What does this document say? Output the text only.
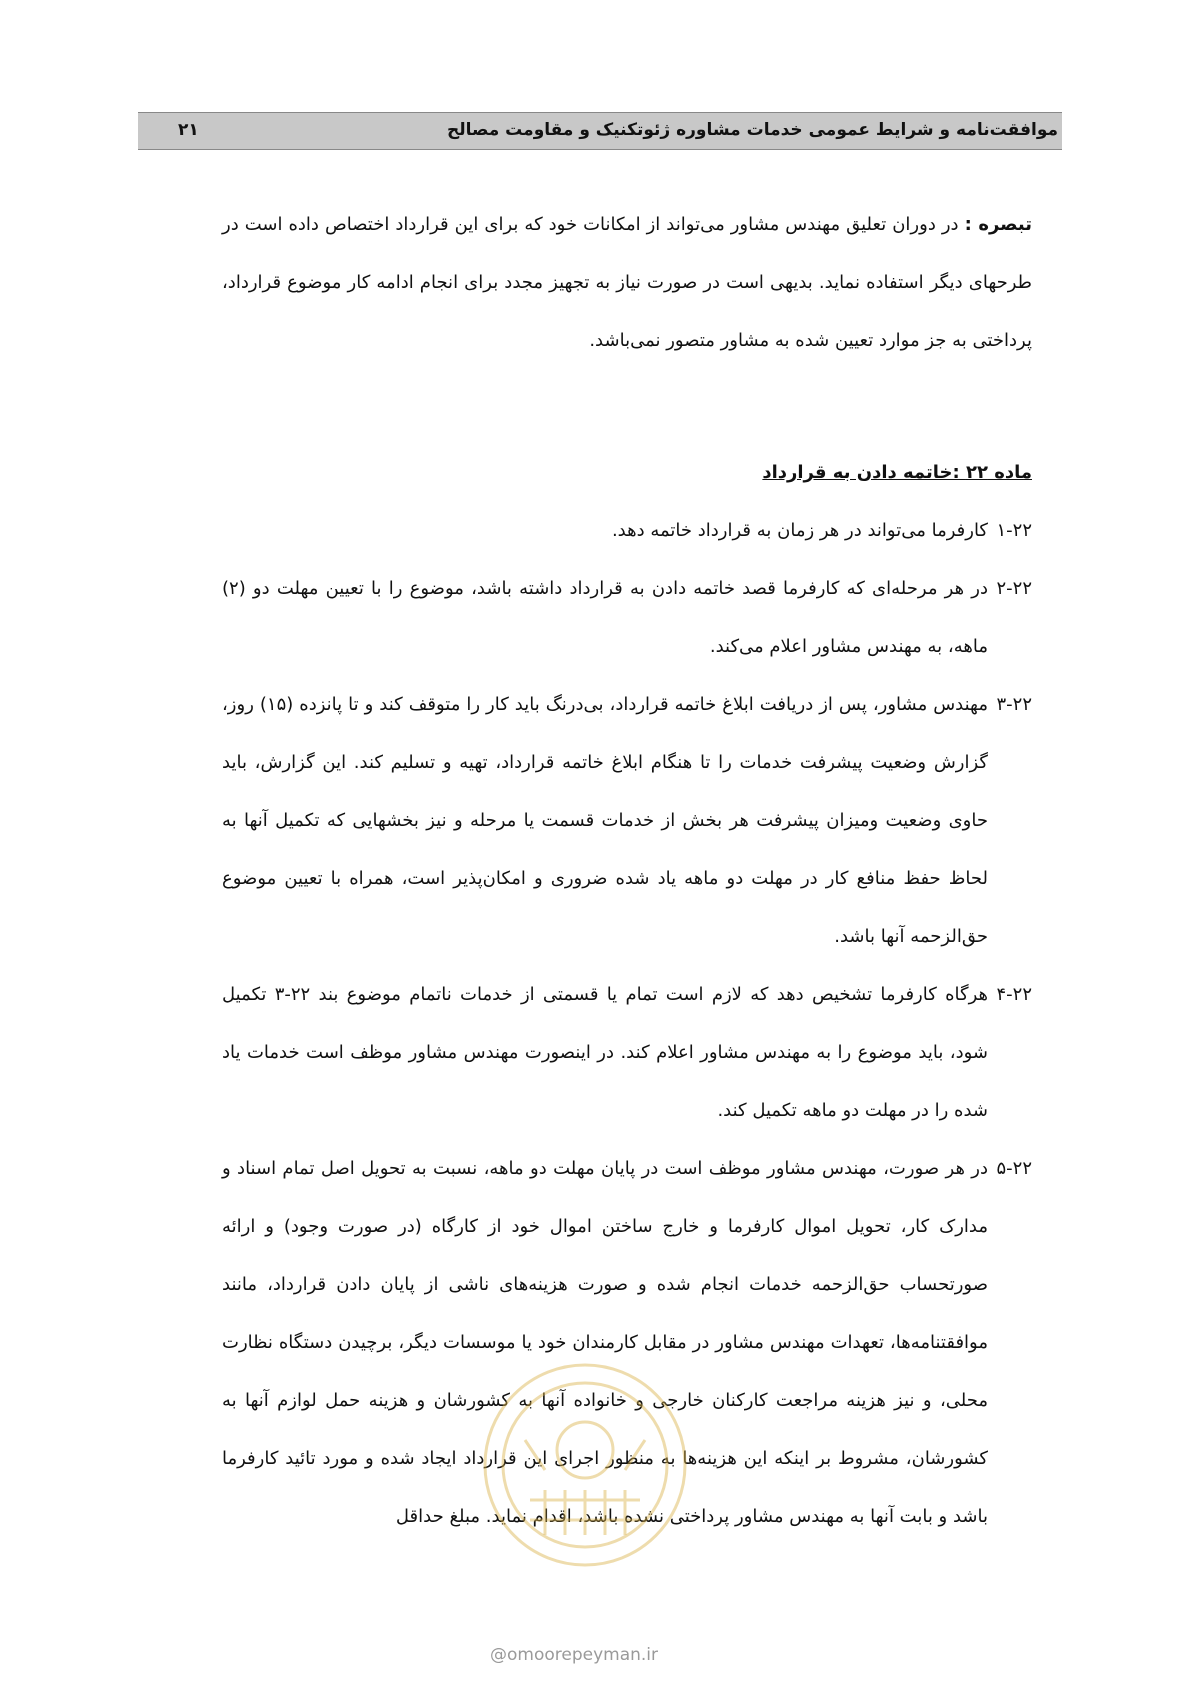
موافقت‌نامه و شرایط عمومی خدمات مشاوره ژئوتکنیک و مقاومت مصالح
۲۱

تبصره : در دوران تعلیق مهندس مشاور می‌تواند از امکانات خود که برای این قرارداد اختصاص داده است در طرحهای دیگر استفاده نماید. بدیهی است در صورت نیاز به تجهیز مجدد برای انجام ادامه کار موضوع قرارداد، پرداختی به جز موارد تعیین شده به مشاور متصور نمی‌باشد.

ماده ۲۲ :خاتمه دادن به قرارداد

۱-۲۲
کارفرما می‌تواند در هر زمان به قرارداد خاتمه دهد.
۲-۲۲
در هر مرحله‌ای که کارفرما قصد خاتمه دادن به قرارداد داشته باشد، موضوع را با تعیین مهلت دو (۲) ماهه، به مهندس مشاور اعلام می‌کند.
۳-۲۲
مهندس مشاور، پس از دریافت ابلاغ خاتمه قرارداد، بی‌درنگ باید کار را متوقف کند و تا پانزده (۱۵) روز، گزارش وضعیت پیشرفت خدمات را تا هنگام ابلاغ خاتمه قرارداد، تهیه و تسلیم کند. این گزارش، باید حاوی وضعیت ومیزان پیشرفت هر بخش از خدمات قسمت یا مرحله و نیز بخشهایی که تکمیل آنها به لحاظ حفظ منافع کار در مهلت دو ماهه یاد شده ضروری و امکان‌پذیر است، همراه با تعیین موضوع حق‌الزحمه آنها باشد.
۴-۲۲
هرگاه کارفرما تشخیص دهد که لازم است تمام یا قسمتی از خدمات ناتمام موضوع بند ۲۲-۳ تکمیل شود، باید موضوع را به مهندس مشاور اعلام کند. در اینصورت مهندس مشاور موظف است خدمات یاد شده را در مهلت دو ماهه تکمیل کند.
۵-۲۲
در هر صورت، مهندس مشاور موظف است در پایان مهلت دو ماهه، نسبت به تحویل اصل تمام اسناد و مدارک کار، تحویل اموال کارفرما و خارج ساختن اموال خود از کارگاه (در صورت وجود) و ارائه صورتحساب حق‌الزحمه خدمات انجام شده و صورت هزینه‌های ناشی از پایان دادن قرارداد، مانند موافقتنامه‌ها، تعهدات مهندس مشاور در مقابل کارمندان خود یا موسسات دیگر، برچیدن دستگاه نظارت محلی، و نیز هزینه مراجعت کارکنان خارجی و خانواده آنها به کشورشان و هزینه حمل لوازم آنها به کشورشان، مشروط بر اینکه این هزینه‌ها به منظور اجرای این قرارداد ایجاد شده و مورد تائید کارفرما باشد و بابت آنها به مهندس مشاور پرداختی نشده باشد، اقدام نماید. مبلغ حداقل
@omoorepeyman.ir
